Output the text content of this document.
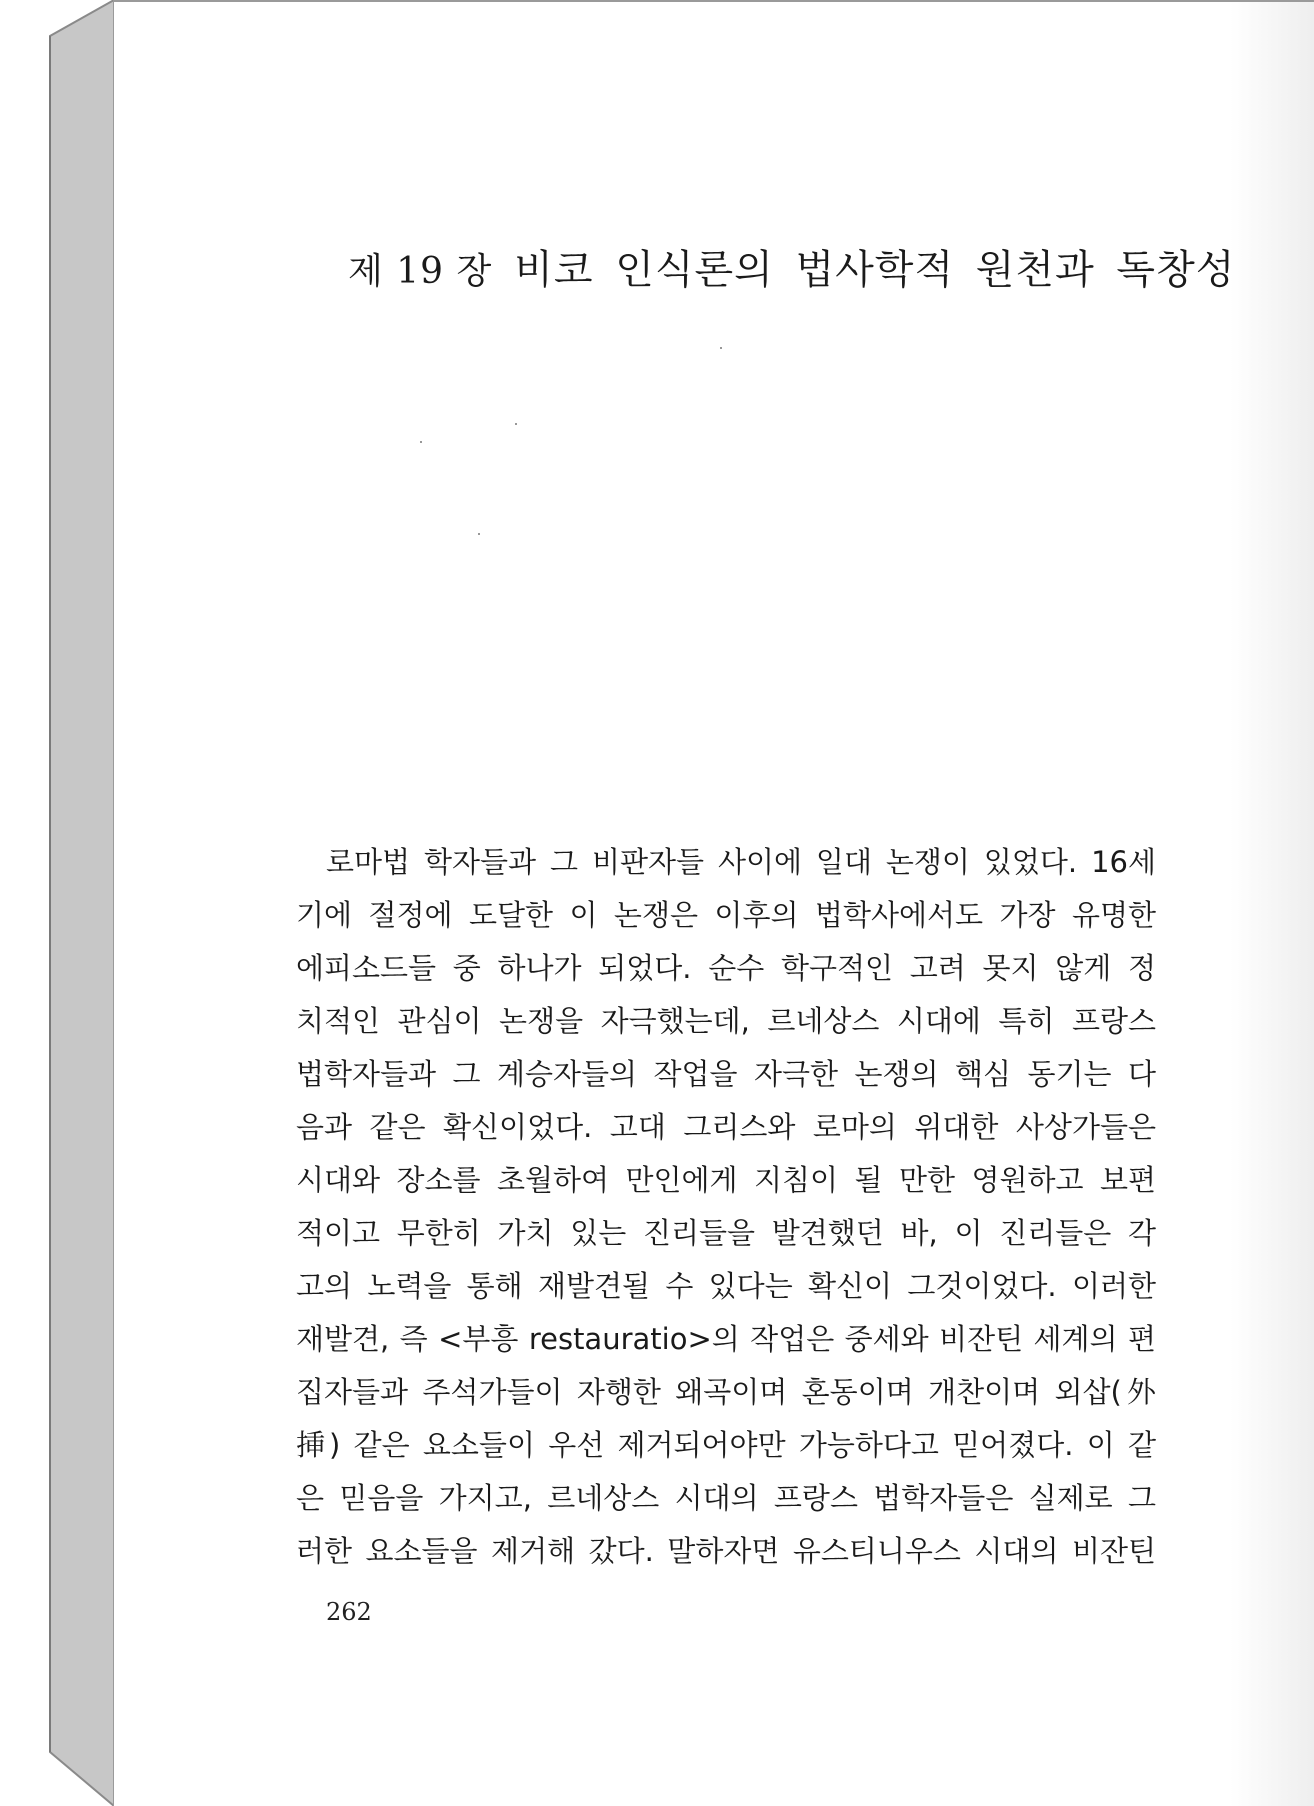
제 19 장 비코 인식론의 법사학적 원천과 독창성
로마법 학자들과 그 비판자들 사이에 일대 논쟁이 있었다. 16세
기에 절정에 도달한 이 논쟁은 이후의 법학사에서도 가장 유명한
에피소드들 중 하나가 되었다. 순수 학구적인 고려 못지 않게 정
치적인 관심이 논쟁을 자극했는데, 르네상스 시대에 특히 프랑스
법학자들과 그 계승자들의 작업을 자극한 논쟁의 핵심 동기는 다
음과 같은 확신이었다. 고대 그리스와 로마의 위대한 사상가들은
시대와 장소를 초월하여 만인에게 지침이 될 만한 영원하고 보편
적이고 무한히 가치 있는 진리들을 발견했던 바, 이 진리들은 각
고의 노력을 통해 재발견될 수 있다는 확신이 그것이었다. 이러한
재발견, 즉 <부흥 restauratio>의 작업은 중세와 비잔틴 세계의 편
집자들과 주석가들이 자행한 왜곡이며 혼동이며 개찬이며 외삽(外
挿) 같은 요소들이 우선 제거되어야만 가능하다고 믿어졌다. 이 같
은 믿음을 가지고, 르네상스 시대의 프랑스 법학자들은 실제로 그
러한 요소들을 제거해 갔다. 말하자면 유스티니우스 시대의 비잔틴
262
